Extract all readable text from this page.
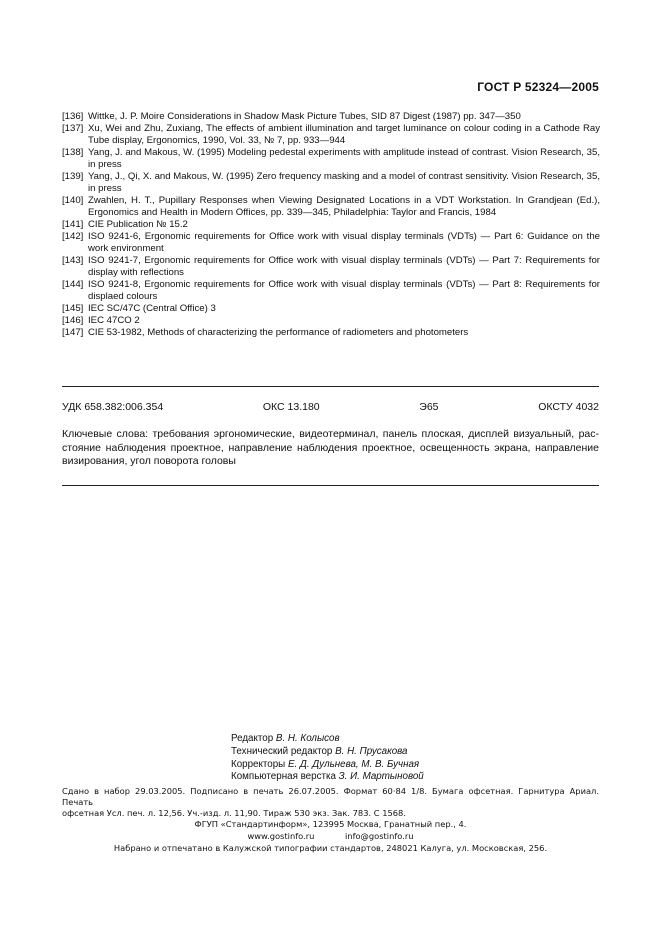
ГОСТ Р 52324—2005
[136] Wittke, J. P. Moire Considerations in Shadow Mask Picture Tubes, SID 87 Digest (1987) pp. 347—350
[137] Xu, Wei and Zhu, Zuxiang, The effects of ambient illumination and target luminance on colour coding in a Cathode Ray Tube display, Ergonomics, 1990, Vol. 33, № 7, pp. 933—944
[138] Yang, J. and Makous, W. (1995) Modeling pedestal experiments with amplitude instead of contrast. Vision Research, 35, in press
[139] Yang, J., Qi, X. and Makous, W. (1995) Zero frequency masking and a model of contrast sensitivity. Vision Research, 35, in press
[140] Zwahlen, H. T., Pupillary Responses when Viewing Designated Locations in a VDT Workstation. In Grandjean (Ed.), Ergonomics and Health in Modern Offices, pp. 339—345, Philadelphia: Taylor and Francis, 1984
[141] CIE Publication № 15.2
[142] ISO 9241-6, Ergonomic requirements for Office work with visual display terminals (VDTs) — Part 6: Guidance on the work environment
[143] ISO 9241-7, Ergonomic requirements for Office work with visual display terminals (VDTs) — Part 7: Requirements for display with reflections
[144] ISO 9241-8, Ergonomic requirements for Office work with visual display terminals (VDTs) — Part 8: Requirements for displaed colours
[145] IEC SC/47C (Central Office) 3
[146] IEC 47CO 2
[147] CIE 53-1982, Methods of characterizing the performance of radiometers and photometers
УДК 658.382:006.354	ОКС 13.180	Э65	ОКСТУ 4032
Ключевые слова: требования эргономические, видеотерминал, панель плоская, дисплей визуальный, рас-стояние наблюдения проектное, направление наблюдения проектное, освещенность экрана, направление визирования, угол поворота головы
Редактор В. Н. Колысов
Технический редактор В. Н. Прусакова
Корректоры Е. Д. Дульнева, М. В. Бучная
Компьютерная верстка З. И. Мартыновой
Сдано в набор 29.03.2005. Подписано в печать 26.07.2005. Формат 60·84 1/8. Бумага офсетная. Гарнитура Ариал. Печать
офсетная Усл. печ. л. 12,56. Уч.-изд. л. 11,90. Тираж 530 экз. Зак. 783. С 1568.
ФГУП «Стандартинформ», 123995 Москва, Гранатный пер., 4.
www.gostinfo.ru	info@gostinfo.ru
Набрано и отпечатано в Калужской типографии стандартов, 248021 Калуга, ул. Московская, 256.
